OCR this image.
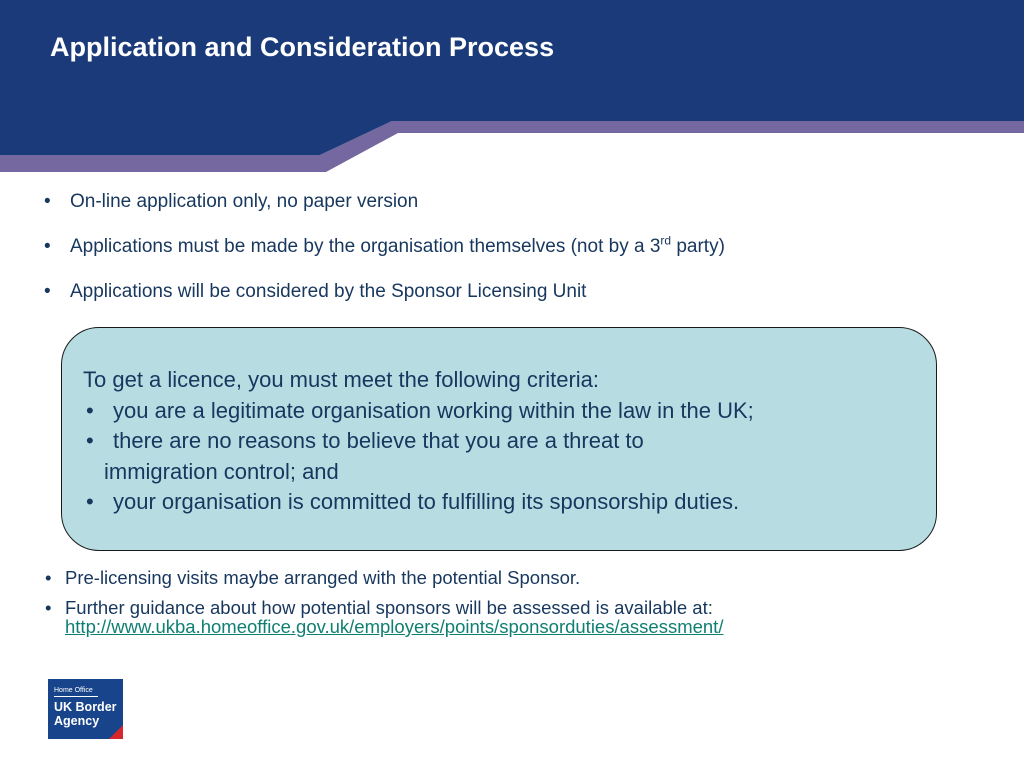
Application and Consideration Process
• On-line application only, no paper version
• Applications must be made by the organisation themselves (not by a 3rd party)
• Applications will be considered by the Sponsor Licensing Unit
To get a licence, you must meet the following criteria:
• you are a legitimate organisation working within the law in the UK;
• there are no reasons to believe that you are a threat to immigration control; and
• your organisation is committed to fulfilling its sponsorship duties.
• Pre-licensing visits maybe arranged with the potential Sponsor.
• Further guidance about how potential sponsors will be assessed is available at:
http://www.ukba.homeoffice.gov.uk/employers/points/sponsorduties/assessment/
Home Office
UK Border
Agency
